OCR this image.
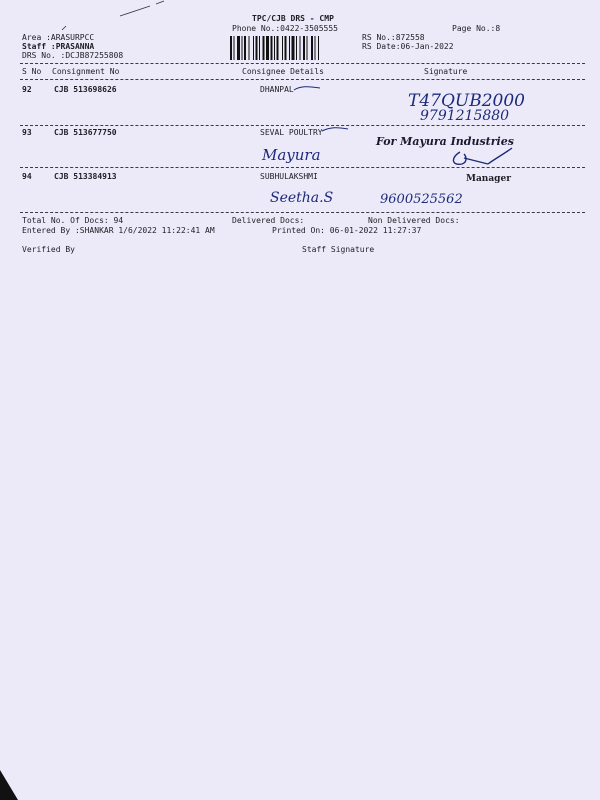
TPC/CJB DRS - CMP
Phone No.:0422-3505555	Page No.:8
Area :ARASURPCC
Staff :PRASANNA
DRS No. :DCJB87255808
RS No.:872558
RS Date:06-Jan-2022
S No Consignment No	Consignee Details	Signature
92	CJB 513698626	DHANPAL
T47QUB2000
9791215880
93	CJB 513677750	SEVAL POULTRY
For Mayura Industries
Mayura
Manager
94	CJB 513384913	SUBHULAKSHMI
Seetha.S	9600525562
Total No. Of Docs: 94	Delivered Docs:	Non Delivered Docs:
Entered By :SHANKAR 1/6/2022 11:22:41 AM	Printed On: 06-01-2022 11:27:37
Verified By	Staff Signature
